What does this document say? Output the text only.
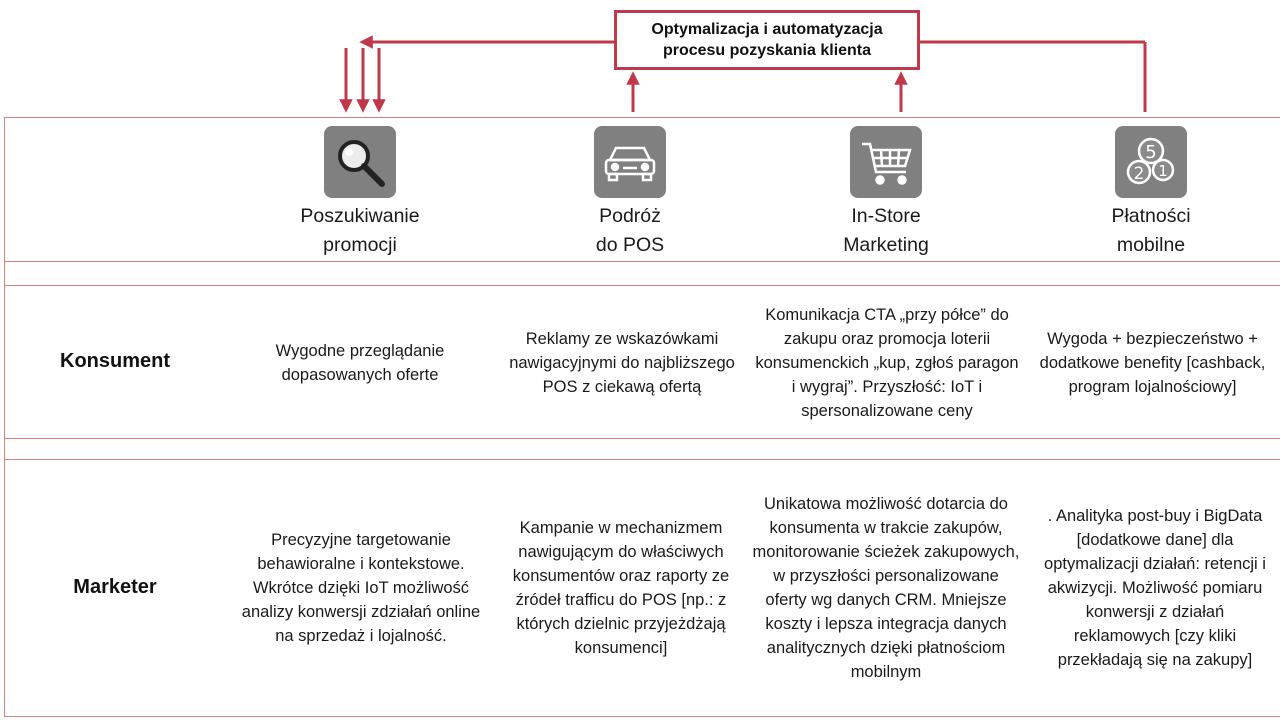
Optymalizacja i automatyzacja
procesu pozyskania klienta
Poszukiwanie
promocji
Podróż
do POS
In-Store
Marketing
5
2 1
Płatności
mobilne
Konsument
Marketer
Wygodne przeglądanie dopasowanych oferte
Reklamy ze wskazówkami nawigacyjnymi do najbliższego POS z ciekawą ofertą
Komunikacja CTA „przy półce” do zakupu oraz promocja loterii konsumenckich „kup, zgłoś paragon i wygraj”. Przyszłość: IoT i spersonalizowane ceny
Wygoda + bezpieczeństwo + dodatkowe benefity [cashback, program lojalnościowy]
Precyzyjne targetowanie behawioralne i kontekstowe. Wkrótce dzięki IoT możliwość analizy konwersji zdziałań online na sprzedaż i lojalność.
Kampanie w mechanizmem nawigującym do właściwych konsumentów oraz raporty ze źródeł trafficu do POS [np.: z których dzielnic przyjeżdżają konsumenci]
Unikatowa możliwość dotarcia do konsumenta w trakcie zakupów, monitorowanie ścieżek zakupowych, w przyszłości personalizowane oferty wg danych CRM. Mniejsze koszty i lepsza integracja danych analitycznych dzięki płatnościom mobilnym
. Analityka post-buy i BigData [dodatkowe dane] dla optymalizacji działań: retencji i akwizycji. Możliwość pomiaru konwersji z działań reklamowych [czy kliki przekładają się na zakupy]
